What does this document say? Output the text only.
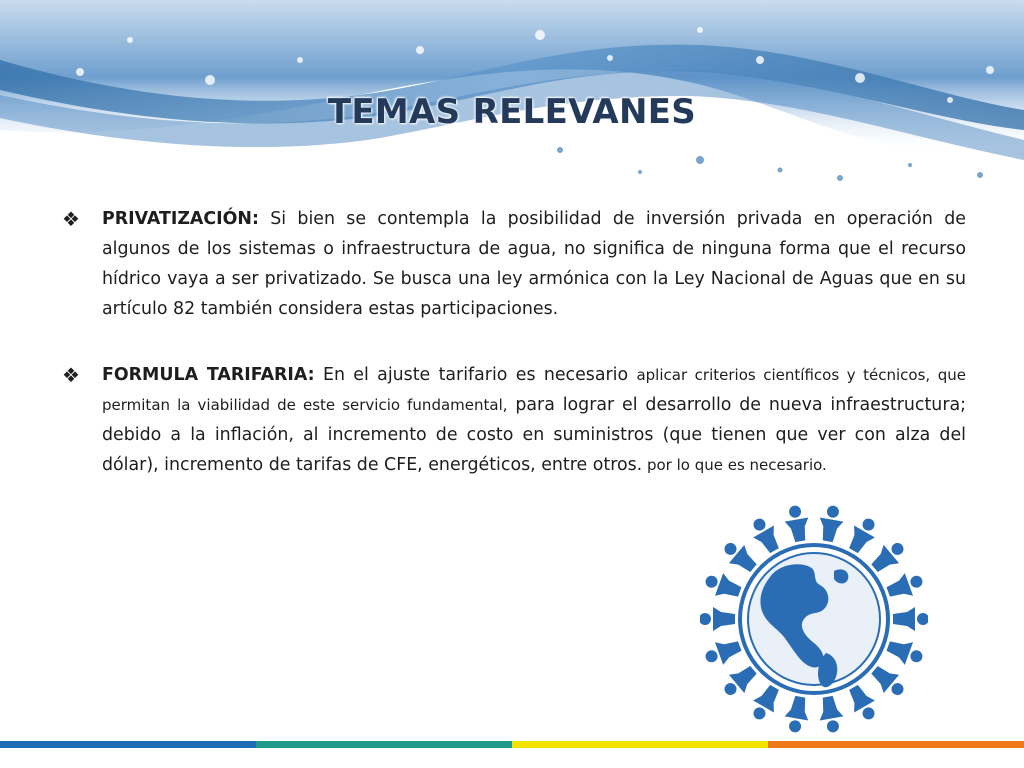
TEMAS RELEVANES
❖ PRIVATIZACIÓN: Si bien se contempla la posibilidad de inversión privada en operación de algunos de los sistemas o infraestructura de agua, no significa de ninguna forma que el recurso hídrico vaya a ser privatizado. Se busca una ley armónica con la Ley Nacional de Aguas que en su artículo 82 también considera estas participaciones.
❖ FORMULA TARIFARIA: En el ajuste tarifario es necesario aplicar criterios científicos y técnicos, que permitan la viabilidad de este servicio fundamental, para lograr el desarrollo de nueva infraestructura; debido a la inflación, al incremento de costo en suministros (que tienen que ver con alza del dólar), incremento de tarifas de CFE, energéticos, entre otros. por lo que es necesario.
